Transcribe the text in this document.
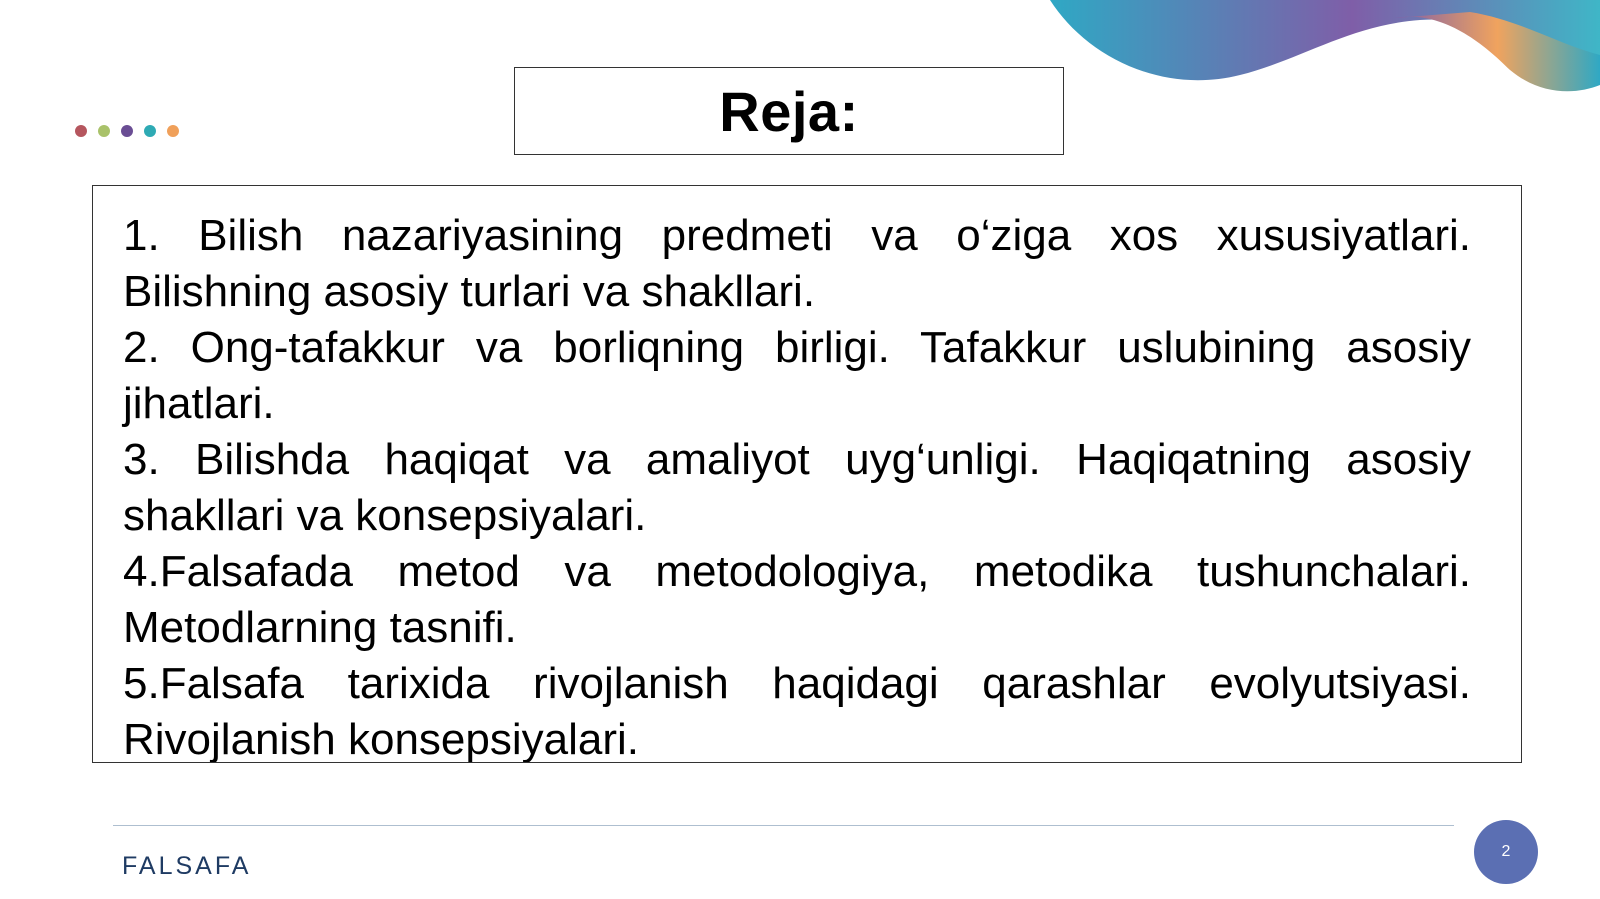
Reja:
1. Bilish nazariyasining predmeti va o‘ziga xos xususiyatlari. Bilishning asosiy turlari va shakllari.
2. Ong-tafakkur va borliqning birligi. Tafakkur uslubining asosiy jihatlari.
3. Bilishda haqiqat va amaliyot uyg‘unligi. Haqiqatning asosiy shakllari va konsepsiyalari.
4.Falsafada metod va metodologiya, metodika tushunchalari. Metodlarning tasnifi.
5.Falsafa tarixida rivojlanish haqidagi qarashlar evolyutsiyasi. Rivojlanish konsepsiyalari.
FALSAFA
2
